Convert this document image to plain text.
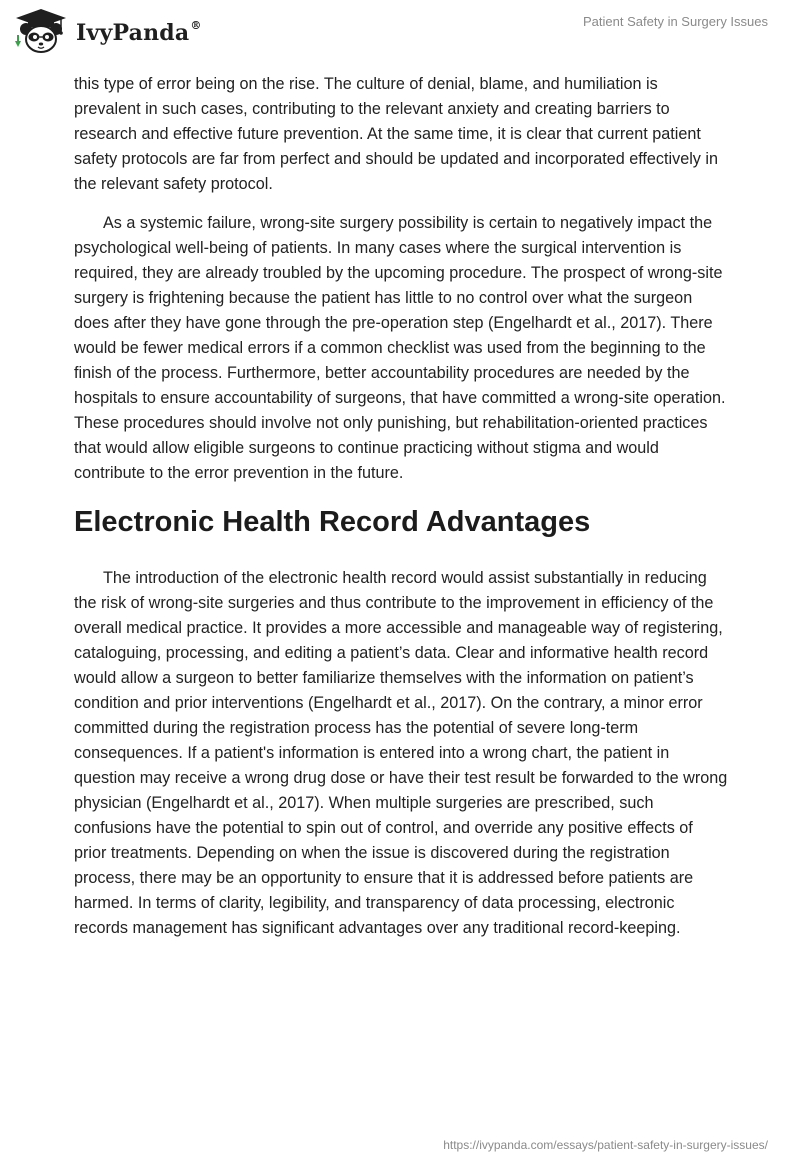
IvyPanda®	Patient Safety in Surgery Issues

this type of error being on the rise. The culture of denial, blame, and humiliation is prevalent in such cases, contributing to the relevant anxiety and creating barriers to research and effective future prevention. At the same time, it is clear that current patient safety protocols are far from perfect and should be updated and incorporated effectively in the relevant safety protocol.

As a systemic failure, wrong-site surgery possibility is certain to negatively impact the psychological well-being of patients. In many cases where the surgical intervention is required, they are already troubled by the upcoming procedure. The prospect of wrong-site surgery is frightening because the patient has little to no control over what the surgeon does after they have gone through the pre-operation step (Engelhardt et al., 2017). There would be fewer medical errors if a common checklist was used from the beginning to the finish of the process. Furthermore, better accountability procedures are needed by the hospitals to ensure accountability of surgeons, that have committed a wrong-site operation. These procedures should involve not only punishing, but rehabilitation-oriented practices that would allow eligible surgeons to continue practicing without stigma and would contribute to the error prevention in the future.

Electronic Health Record Advantages

The introduction of the electronic health record would assist substantially in reducing the risk of wrong-site surgeries and thus contribute to the improvement in efficiency of the overall medical practice. It provides a more accessible and manageable way of registering, cataloguing, processing, and editing a patient’s data. Clear and informative health record would allow a surgeon to better familiarize themselves with the information on patient’s condition and prior interventions (Engelhardt et al., 2017). On the contrary, a minor error committed during the registration process has the potential of severe long-term consequences. If a patient's information is entered into a wrong chart, the patient in question may receive a wrong drug dose or have their test result be forwarded to the wrong physician (Engelhardt et al., 2017). When multiple surgeries are prescribed, such confusions have the potential to spin out of control, and override any positive effects of prior treatments. Depending on when the issue is discovered during the registration process, there may be an opportunity to ensure that it is addressed before patients are harmed. In terms of clarity, legibility, and transparency of data processing, electronic records management has significant advantages over any traditional record-keeping.

https://ivypanda.com/essays/patient-safety-in-surgery-issues/
